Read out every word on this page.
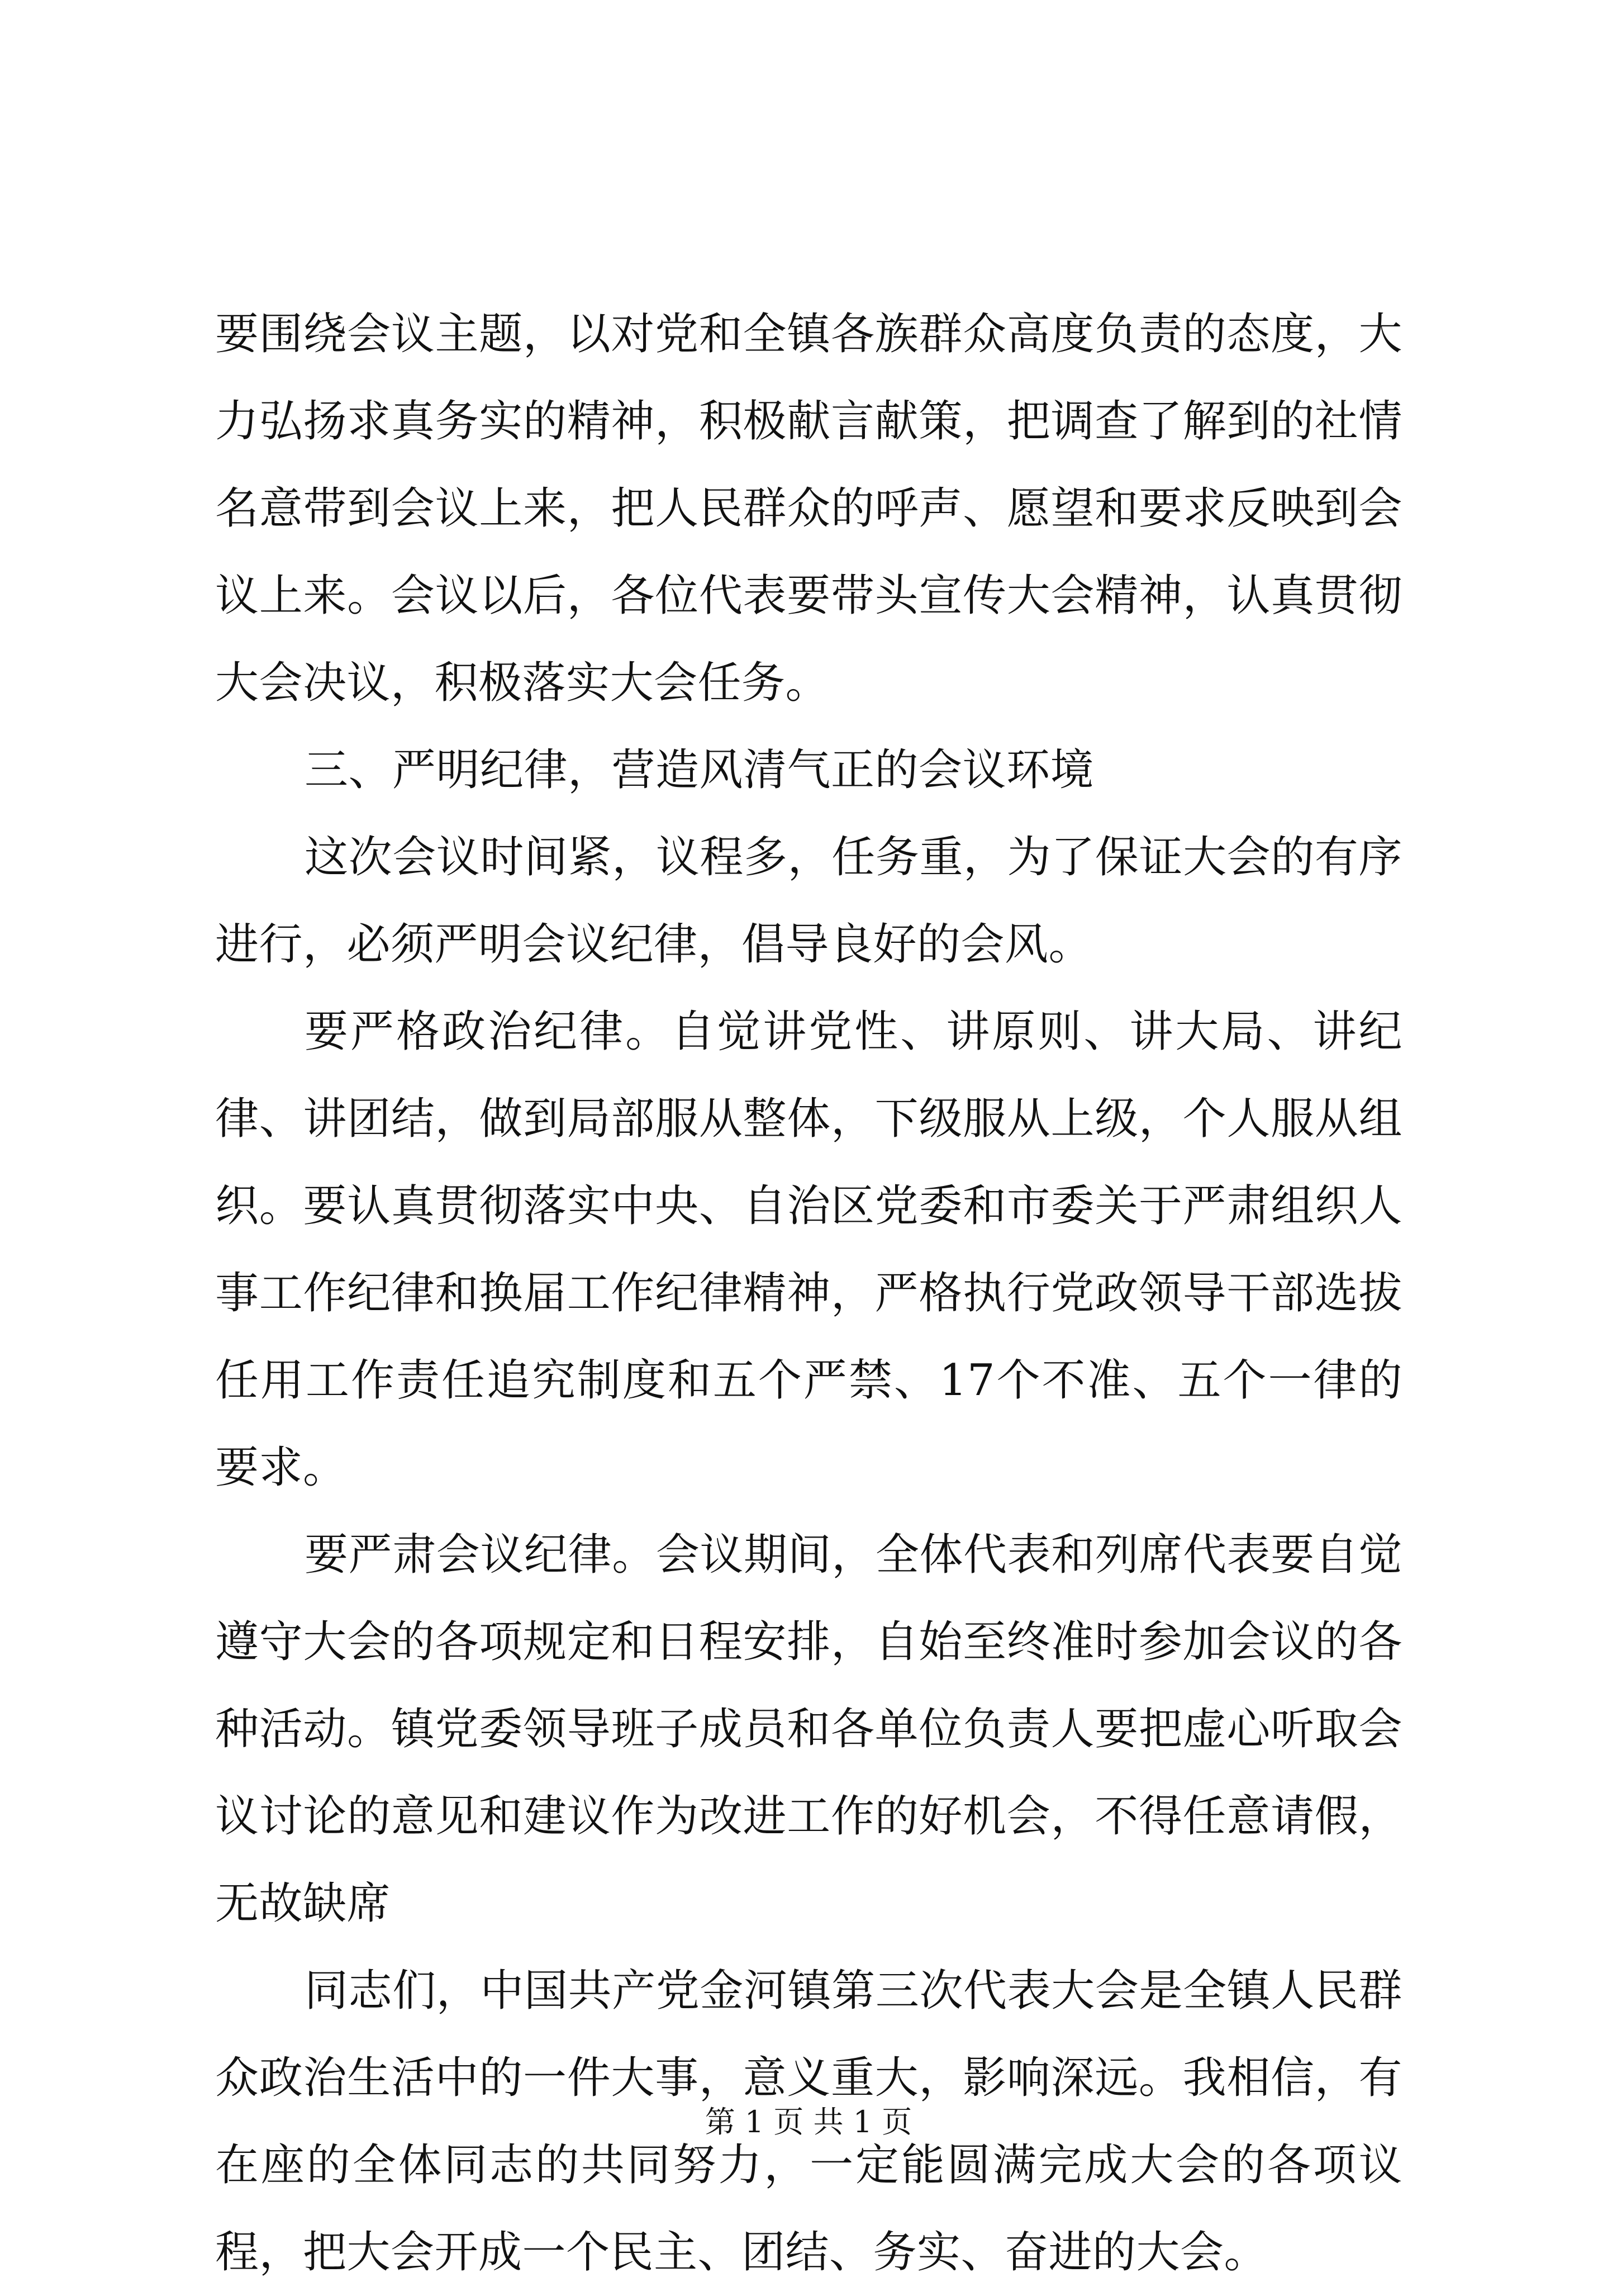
要围绕会议主题，以对党和全镇各族群众高度负责的态度，大力弘扬求真务实的精神，积极献言献策，把调查了解到的社情名意带到会议上来，把人民群众的呼声、愿望和要求反映到会议上来。会议以后，各位代表要带头宣传大会精神，认真贯彻大会决议，积极落实大会任务。

三、严明纪律，营造风清气正的会议环境

这次会议时间紧，议程多，任务重，为了保证大会的有序进行，必须严明会议纪律，倡导良好的会风。

要严格政治纪律。自觉讲党性、讲原则、讲大局、讲纪律、讲团结，做到局部服从整体，下级服从上级，个人服从组织。要认真贯彻落实中央、自治区党委和市委关于严肃组织人事工作纪律和换届工作纪律精神，严格执行党政领导干部选拔任用工作责任追究制度和五个严禁、17个不准、五个一律的要求。

要严肃会议纪律。会议期间，全体代表和列席代表要自觉遵守大会的各项规定和日程安排，自始至终准时参加会议的各种活动。镇党委领导班子成员和各单位负责人要把虚心听取会议讨论的意见和建议作为改进工作的好机会，不得任意请假，无故缺席

同志们，中国共产党金河镇第三次代表大会是全镇人民群众政治生活中的一件大事，意义重大，影响深远。我相信，有在座的全体同志的共同努力，一定能圆满完成大会的各项议程，把大会开成一个民主、团结、务实、奋进的大会。

第 1 页 共 1 页
